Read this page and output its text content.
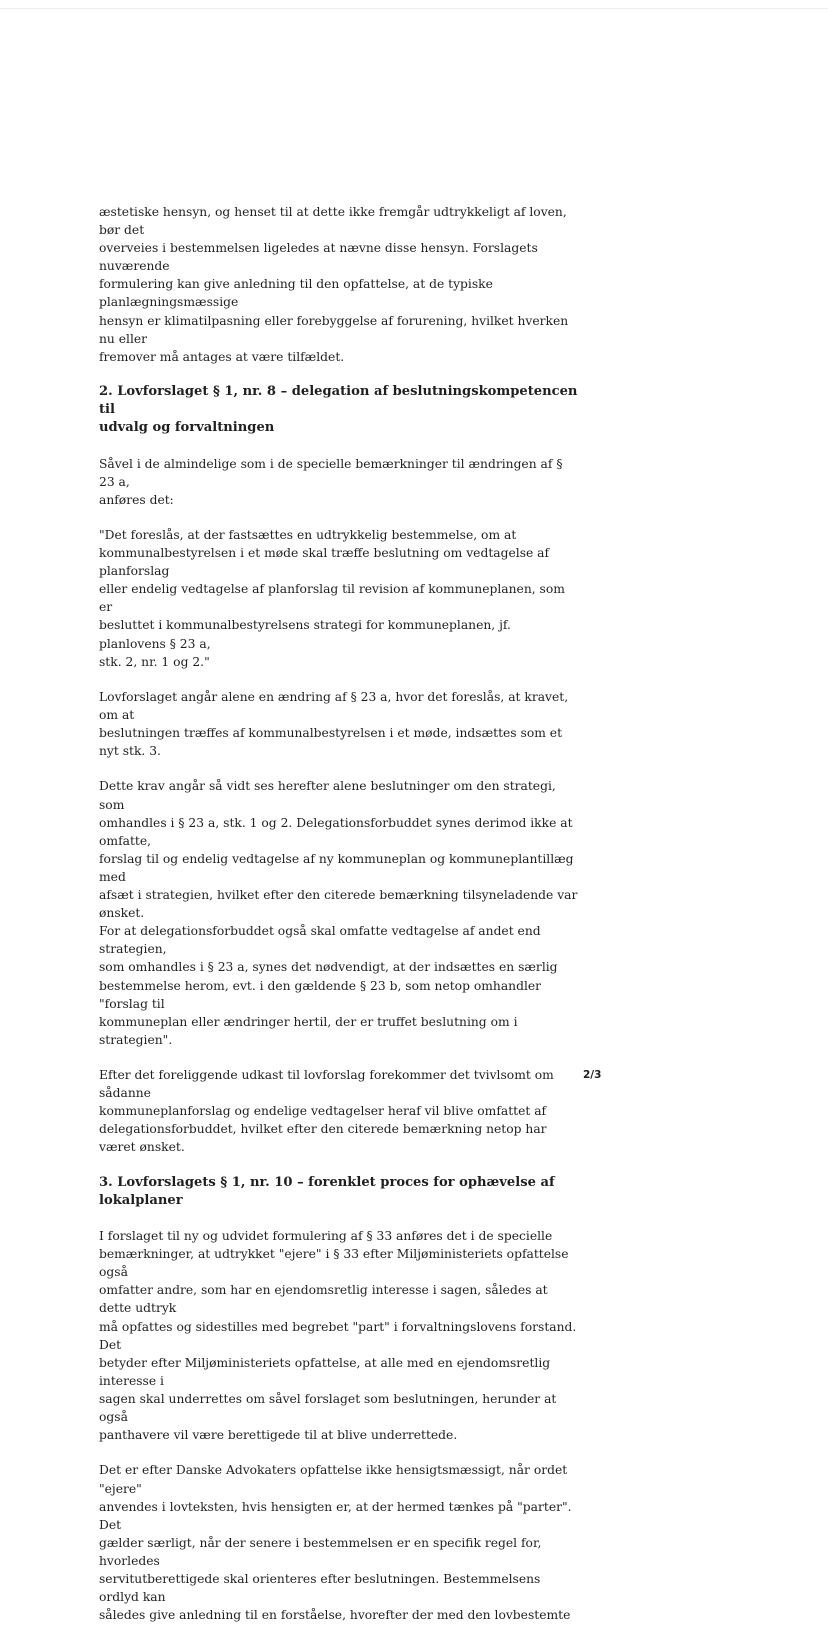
æstetiske hensyn, og henset til at dette ikke fremgår udtrykkeligt af loven, bør det
overveies i bestemmelsen ligeledes at nævne disse hensyn. Forslagets nuværende
formulering kan give anledning til den opfattelse, at de typiske planlægningsmæssige
hensyn er klimatilpasning eller forebyggelse af forurening, hvilket hverken nu eller
fremover må antages at være tilfældet.

2. Lovforslaget § 1, nr. 8 – delegation af beslutningskompetencen til
udvalg og forvaltningen

Såvel i de almindelige som i de specielle bemærkninger til ændringen af § 23 a,
anføres det:

"Det foreslås, at der fastsættes en udtrykkelig bestemmelse, om at
kommunalbestyrelsen i et møde skal træffe beslutning om vedtagelse af planforslag
eller endelig vedtagelse af planforslag til revision af kommuneplanen, som er
besluttet i kommunalbestyrelsens strategi for kommuneplanen, jf. planlovens § 23 a,
stk. 2, nr. 1 og 2."

Lovforslaget angår alene en ændring af § 23 a, hvor det foreslås, at kravet, om at
beslutningen træffes af kommunalbestyrelsen i et møde, indsættes som et nyt stk. 3.

Dette krav angår så vidt ses herefter alene beslutninger om den strategi, som
omhandles i § 23 a, stk. 1 og 2. Delegationsforbuddet synes derimod ikke at omfatte,
forslag til og endelig vedtagelse af ny kommuneplan og kommuneplantillæg med
afsæt i strategien, hvilket efter den citerede bemærkning tilsyneladende var ønsket.
For at delegationsforbuddet også skal omfatte vedtagelse af andet end strategien,
som omhandles i § 23 a, synes det nødvendigt, at der indsættes en særlig
bestemmelse herom, evt. i den gældende § 23 b, som netop omhandler "forslag til
kommuneplan eller ændringer hertil, der er truffet beslutning om i strategien".

Efter det foreliggende udkast til lovforslag forekommer det tvivlsomt om sådanne
kommuneplanforslag og endelige vedtagelser heraf vil blive omfattet af
delegationsforbuddet, hvilket efter den citerede bemærkning netop har været ønsket.

3. Lovforslagets § 1, nr. 10 – forenklet proces for ophævelse af
lokalplaner

I forslaget til ny og udvidet formulering af § 33 anføres det i de specielle
bemærkninger, at udtrykket "ejere" i § 33 efter Miljøministeriets opfattelse også
omfatter andre, som har en ejendomsretlig interesse i sagen, således at dette udtryk
må opfattes og sidestilles med begrebet "part" i forvaltningslovens forstand. Det
betyder efter Miljøministeriets opfattelse, at alle med en ejendomsretlig interesse i
sagen skal underrettes om såvel forslaget som beslutningen, herunder at også
panthavere vil være berettigede til at blive underrettede.

Det er efter Danske Advokaters opfattelse ikke hensigtsmæssigt, når ordet "ejere"
anvendes i lovteksten, hvis hensigten er, at der hermed tænkes på "parter". Det
gælder særligt, når der senere i bestemmelsen er en specifik regel for, hvorledes
servitutberettigede skal orienteres efter beslutningen. Bestemmelsens ordlyd kan
således give anledning til en forståelse, hvorefter der med den lovbestemte

2/3
